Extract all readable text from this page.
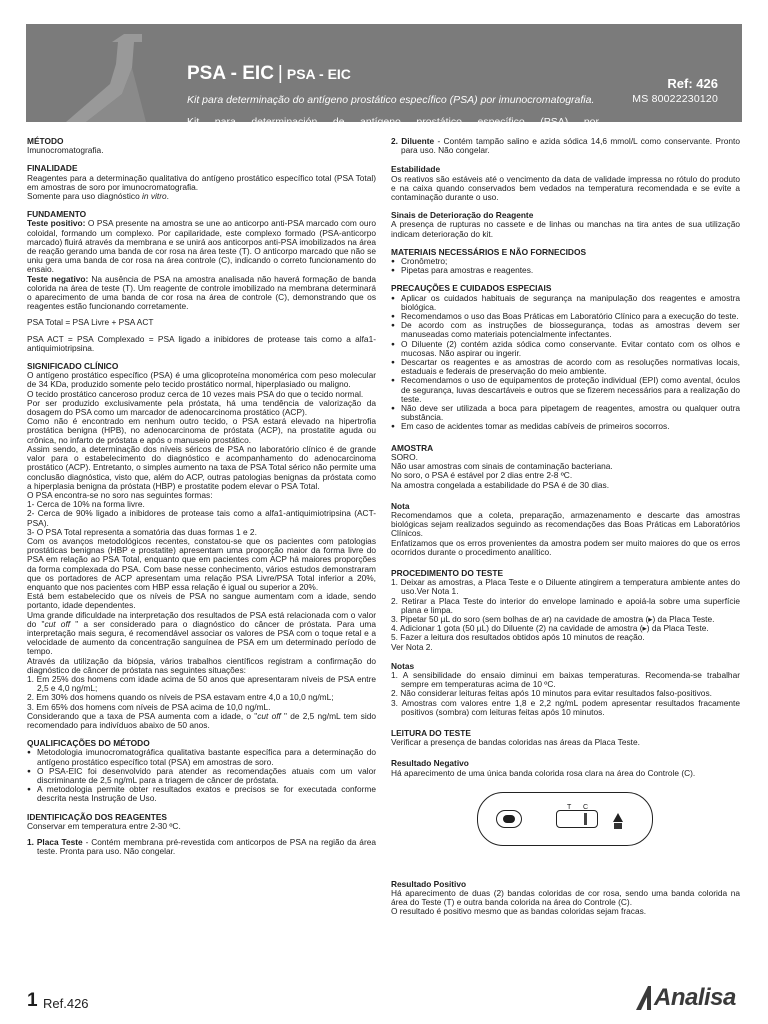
PSA - EIC | PSA - EIC
Kit para determinação do antígeno prostático específico (PSA) por imunocromatografia.
Kit para determinación de antígeno prostático específico (PSA) por inmunocromatografía.
Ref: 426
MS 80022230120
MÉTODO
Imunocromatografia.
FINALIDADE
Reagentes para a determinação qualitativa do antígeno prostático específico total (PSA Total) em amostras de soro por imunocromatografia.
Somente para uso diagnóstico in vitro.
FUNDAMENTO
Teste positivo: O PSA presente na amostra se une ao anticorpo anti-PSA marcado com ouro coloidal, formando um complexo. Por capilaridade, este complexo formado (PSA-anticorpo marcado) fluirá através da membrana e se unirá aos anticorpos anti-PSA imobilizados na área de reação gerando uma banda de cor rosa na área teste (T). O anticorpo marcado que não se uniu gera uma banda de cor rosa na área controle (C), indicando o correto funcionamento do ensaio.
Teste negativo: Na ausência de PSA na amostra analisada não haverá formação de banda colorida na área de teste (T). Um reagente de controle imobilizado na membrana determinará o aparecimento de uma banda de cor rosa na área de controle (C), demonstrando que os reagentes estão funcionando corretamente.
PSA Total = PSA Livre + PSA ACT
PSA ACT = PSA Complexado = PSA ligado a inibidores de protease tais como a alfa1-antiquimiotripsina.
SIGNIFICADO CLÍNICO
O antígeno prostático específico (PSA) é uma glicoproteína monomérica com peso molecular de 34 KDa, produzido somente pelo tecido prostático normal, hiperplasiado ou maligno.
O tecido prostático canceroso produz cerca de 10 vezes mais PSA do que o tecido normal.
Por ser produzido exclusivamente pela próstata, há uma tendência de valorização da dosagem do PSA como um marcador de adenocarcinoma prostático (ACP).
Como não é encontrado em nenhum outro tecido, o PSA estará elevado na hipertrofia prostática benigna (HPB), no adenocarcinoma de próstata (ACP), na prostatite aguda ou crônica, no infarto de próstata e após o manuseio prostático.
Assim sendo, a determinação dos níveis séricos de PSA no laboratório clínico é de grande valor para o estabelecimento do diagnóstico e acompanhamento do adenocarcinoma prostático (ACP). Entretanto, o simples aumento na taxa de PSA Total sérico não permite uma conclusão diagnóstica, visto que, além do ACP, outras patologias benignas da próstata como a hiperplasia benigna da próstata (HBP) e prostatite podem elevar o PSA Total.
O PSA encontra-se no soro nas seguintes formas:
1- Cerca de 10% na forma livre.
2- Cerca de 90% ligado a inibidores de protease tais como a alfa1-antiquimiotripsina (ACT-PSA).
3- O PSA Total representa a somatória das duas formas 1 e 2.
Com os avanços metodológicos recentes, constatou-se que os pacientes com patologias prostáticas benignas (HBP e prostatite) apresentam uma proporção maior da forma livre do PSA em relação ao PSA Total, enquanto que em pacientes com ACP há maiores proporções da forma complexada do PSA. Com base nesse conhecimento, vários estudos demonstraram que os portadores de ACP apresentam uma relação PSA Livre/PSA Total inferior a 20%, enquanto que nos pacientes com HBP essa relação é igual ou superior a 20%.
Está bem estabelecido que os níveis de PSA no sangue aumentam com a idade, sendo portanto, idade dependentes.
Uma grande dificuldade na interpretação dos resultados de PSA está relacionada com o valor do "cut off " a ser considerado para o diagnóstico do câncer de próstata. Para uma interpretação mais segura, é recomendável associar os valores de PSA com o toque retal e a velocidade de aumento da concentração sanguínea de PSA em um determinado período de tempo.
Através da utilização da biópsia, vários trabalhos científicos registram a confirmação do diagnóstico de câncer de próstata nas seguintes situações:
1. Em 25% dos homens com idade acima de 50 anos que apresentaram níveis de PSA entre 2,5 e 4,0 ng/mL;
2. Em 30% dos homens quando os níveis de PSA estavam entre 4,0 a 10,0 ng/mL;
3. Em 65% dos homens com níveis de PSA acima de 10,0 ng/mL.
Considerando que a taxa de PSA aumenta com a idade, o "cut off " de 2,5 ng/mL tem sido recomendado para indivíduos abaixo de 50 anos.
QUALIFICAÇÕES DO MÉTODO
● Metodologia imunocromatográfica qualitativa bastante específica para a determinação do antígeno prostático específico total (PSA) em amostras de soro.
● O PSA-EIC foi desenvolvido para atender as recomendações atuais com um valor discriminante de 2,5 ng/mL para a triagem de câncer de próstata.
● A metodologia permite obter resultados exatos e precisos se for executada conforme descrita nesta Instrução de Uso.
IDENTIFICAÇÃO DOS REAGENTES
Conservar em temperatura entre 2-30 ºC.
1. Placa Teste - Contém membrana pré-revestida com anticorpos de PSA na região da área teste. Pronta para uso. Não congelar.
2. Diluente - Contém tampão salino e azida sódica 14,6 mmol/L como conservante. Pronto para uso. Não congelar.
Estabilidade
Os reativos são estáveis até o vencimento da data de validade impressa no rótulo do produto e na caixa quando conservados bem vedados na temperatura recomendada e se evite a contaminação durante o uso.
Sinais de Deterioração do Reagente
A presença de rupturas no cassete e de linhas ou manchas na tira antes de sua utilização indicam deterioração do kit.
MATERIAIS NECESSÁRIOS E NÃO FORNECIDOS
● Cronômetro;
● Pipetas para amostras e reagentes.
PRECAUÇÕES E CUIDADOS ESPECIAIS
● Aplicar os cuidados habituais de segurança na manipulação dos reagentes e amostra biológica.
● Recomendamos o uso das Boas Práticas em Laboratório Clínico para a execução do teste.
● De acordo com as instruções de biossegurança, todas as amostras devem ser manuseadas como materiais potencialmente infectantes.
● O Diluente (2) contém azida sódica como conservante. Evitar contato com os olhos e mucosas. Não aspirar ou ingerir.
● Descartar os reagentes e as amostras de acordo com as resoluções normativas locais, estaduais e federais de preservação do meio ambiente.
● Recomendamos o uso de equipamentos de proteção individual (EPI) como avental, óculos de segurança, luvas descartáveis e outros que se fizerem necessários para a realização do teste.
● Não deve ser utilizada a boca para pipetagem de reagentes, amostra ou qualquer outra substância.
● Em caso de acidentes tomar as medidas cabíveis de primeiros socorros.
AMOSTRA
SORO.
Não usar amostras com sinais de contaminação bacteriana.
No soro, o PSA é estável por 2 dias entre 2-8 ºC.
Na amostra congelada a estabilidade do PSA é de 30 dias.
Nota
Recomendamos que a coleta, preparação, armazenamento e descarte das amostras biológicas sejam realizados seguindo as recomendações das Boas Práticas em Laboratórios Clínicos.
Enfatizamos que os erros provenientes da amostra podem ser muito maiores do que os erros ocorridos durante o procedimento analítico.
PROCEDIMENTO DO TESTE
1. Deixar as amostras, a Placa Teste e o Diluente atingirem a temperatura ambiente antes do uso.Ver Nota 1.
2. Retirar a Placa Teste do interior do envelope laminado e apoiá-la sobre uma superfície plana e limpa.
3. Pipetar 50 µL do soro (sem bolhas de ar) na cavidade de amostra (▸) da Placa Teste.
4. Adicionar 1 gota (50 µL) do Diluente (2) na cavidade de amostra (▸) da Placa Teste.
5. Fazer a leitura dos resultados obtidos após 10 minutos de reação.
Ver Nota 2.
Notas
1. A sensibilidade do ensaio diminui em baixas temperaturas. Recomenda-se trabalhar sempre em temperaturas acima de 10 ºC.
2. Não considerar leituras feitas após 10 minutos para evitar resultados falso-positivos.
3. Amostras com valores entre 1,8 e 2,2 ng/mL podem apresentar resultados fracamente positivos (sombra) com leituras feitas após 10 minutos.
LEITURA DO TESTE
Verificar a presença de bandas coloridas nas áreas da Placa Teste.
Resultado Negativo
Há aparecimento de uma única banda colorida rosa clara na área do Controle (C).
T C
Resultado Positivo
Há aparecimento de duas (2) bandas coloridas de cor rosa, sendo uma banda colorida na área do Teste (T) e outra banda colorida na área do Controle (C).
O resultado é positivo mesmo que as bandas coloridas sejam fracas.
1 Ref.426	Analisa
